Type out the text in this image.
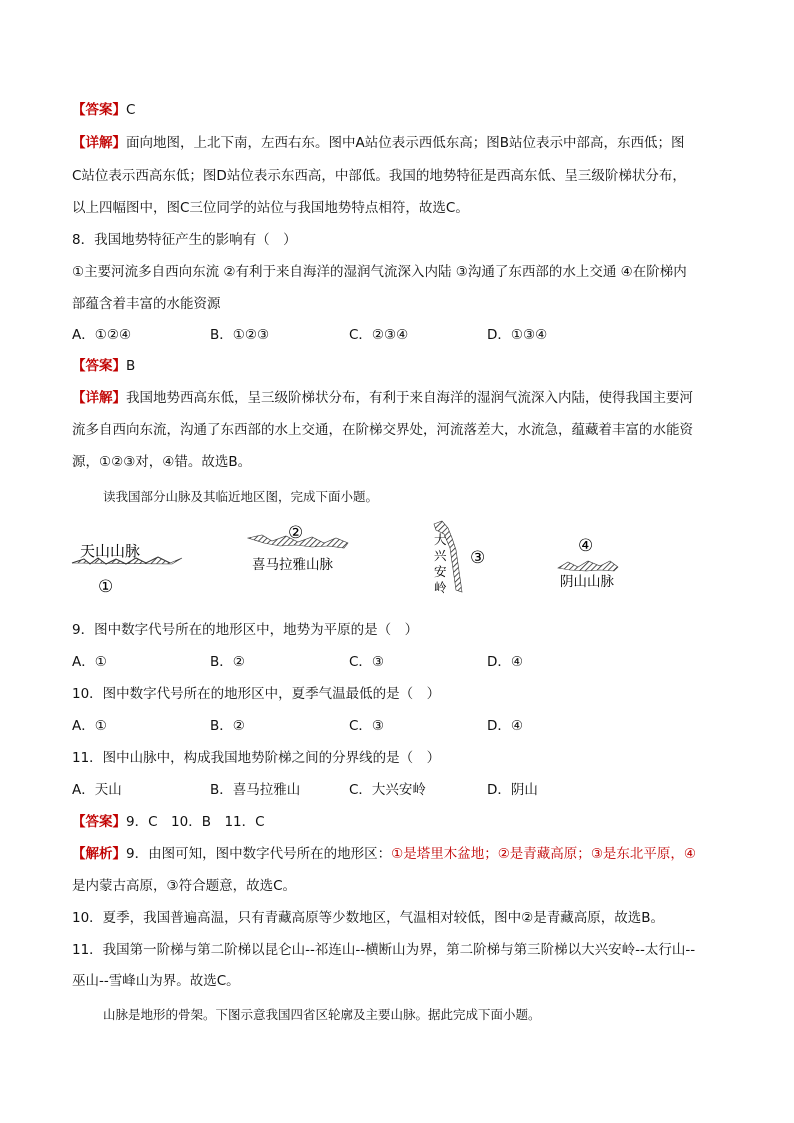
【答案】C
【详解】面向地图，上北下南，左西右东。图中A站位表示西低东高；图B站位表示中部高，东西低；图
C站位表示西高东低；图D站位表示东西高，中部低。我国的地势特征是西高东低、呈三级阶梯状分布，
以上四幅图中，图C三位同学的站位与我国地势特点相符，故选C。
8．我国地势特征产生的影响有（　）
①主要河流多自西向东流 ②有利于来自海洋的湿润气流深入内陆 ③沟通了东西部的水上交通 ④在阶梯内
部蕴含着丰富的水能资源
A．①②④	B．①②③	C．②③④	D．①③④
【答案】B
【详解】我国地势西高东低，呈三级阶梯状分布，有利于来自海洋的湿润气流深入内陆，使得我国主要河
流多自西向东流，沟通了东西部的水上交通，在阶梯交界处，河流落差大，水流急，蕴藏着丰富的水能资
源，①②③对，④错。故选B。
读我国部分山脉及其临近地区图，完成下面小题。
天山山脉
①
②
喜马拉雅山脉
大
兴
安
岭
③
④
阴山山脉
9．图中数字代号所在的地形区中，地势为平原的是（　）
A．①	B．②	C．③	D．④
10．图中数字代号所在的地形区中，夏季气温最低的是（　）
A．①	B．②	C．③	D．④
11．图中山脉中，构成我国地势阶梯之间的分界线的是（　）
A．天山	B．喜马拉雅山	C．大兴安岭	D．阴山
【答案】9．C　10．B　11．C
【解析】9．由图可知，图中数字代号所在的地形区：①是塔里木盆地；②是青藏高原；③是东北平原，④
是内蒙古高原，③符合题意，故选C。
10．夏季，我国普遍高温，只有青藏高原等少数地区，气温相对较低，图中②是青藏高原，故选B。
11．我国第一阶梯与第二阶梯以昆仑山--祁连山--横断山为界，第二阶梯与第三阶梯以大兴安岭--太行山--
巫山--雪峰山为界。故选C。
山脉是地形的骨架。下图示意我国四省区轮廓及主要山脉。据此完成下面小题。
